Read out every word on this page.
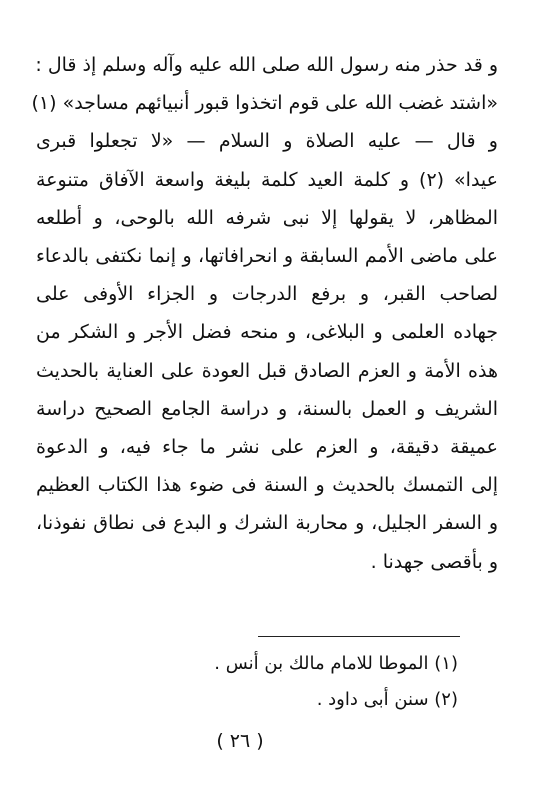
و قد حذر منه رسول الله صلى الله عليه وآله وسلم إذ قال :
«اشتد غضب الله على قوم اتخذوا قبور أنبيائهم مساجد» (١)
و قال — عليه الصلاة و السلام — «لا تجعلوا قبرى
عيدا» (٢) و كلمة العيد كلمة بليغة واسعة الآفاق متنوعة
المظاهر، لا يقولها إلا نبى شرفه الله بالوحى، و أطلعه
على ماضى الأمم السابقة و انحرافاتها، و إنما نكتفى بالدعاء
لصاحب القبر، و برفع الدرجات و الجزاء الأوفى على
جهاده العلمى و البلاغى، و منحه فضل الأجر و الشكر من
هذه الأمة و العزم الصادق قبل العودة على العناية بالحديث
الشريف و العمل بالسنة، و دراسة الجامع الصحيح دراسة
عميقة دقيقة، و العزم على نشر ما جاء فيه، و الدعوة
إلى التمسك بالحديث و السنة فى ضوء هذا الكتاب العظيم
و السفر الجليل، و محاربة الشرك و البدع فى نطاق نفوذنا،
و بأقصى جهدنا .
(١) الموطا للامام مالك بن أنس .
(٢) سنن أبى داود .
( ٢٦ )
